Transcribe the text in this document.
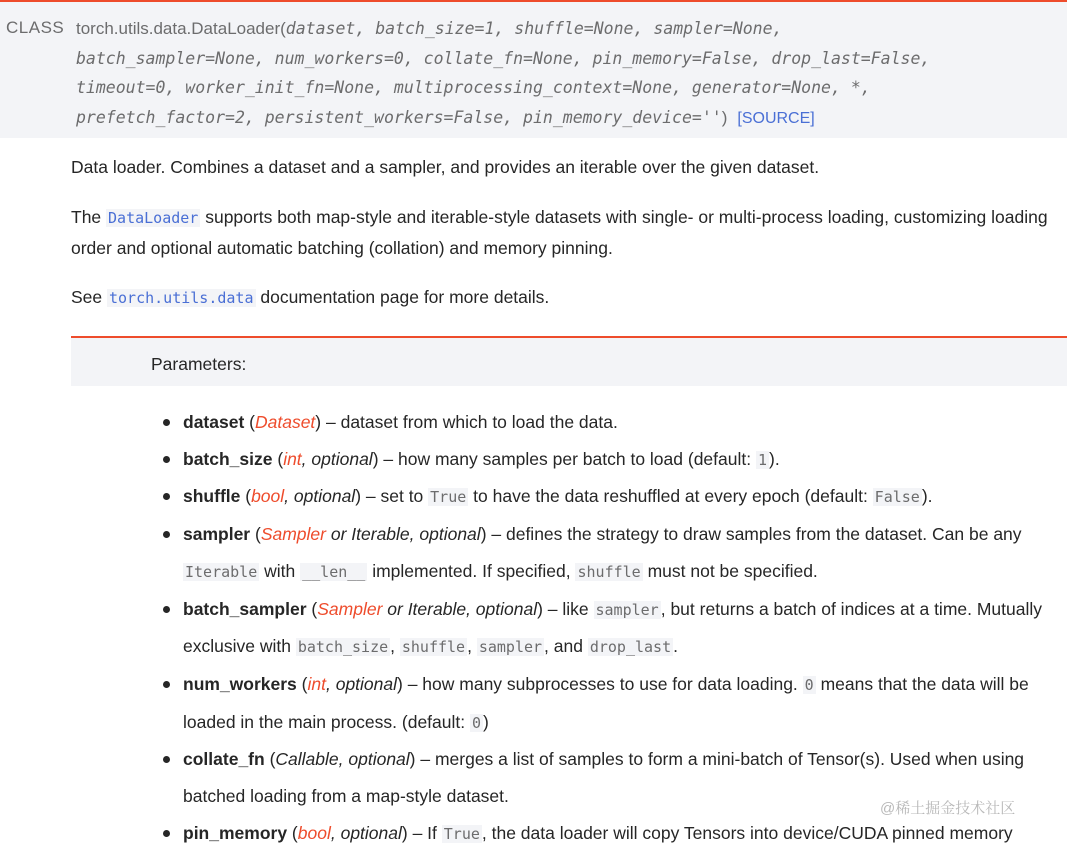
CLASS torch.utils.data.DataLoader(dataset, batch_size=1, shuffle=None, sampler=None,
batch_sampler=None, num_workers=0, collate_fn=None, pin_memory=False, drop_last=False,
timeout=0, worker_init_fn=None, multiprocessing_context=None, generator=None, *,
prefetch_factor=2, persistent_workers=False, pin_memory_device='') [SOURCE]
Data loader. Combines a dataset and a sampler, and provides an iterable over the given dataset.
The DataLoader supports both map-style and iterable-style datasets with single- or multi-process loading, customizing loading order and optional automatic batching (collation) and memory pinning.
See torch.utils.data documentation page for more details.
Parameters:
dataset (Dataset) – dataset from which to load the data.
batch_size (int, optional) – how many samples per batch to load (default: 1 ).
shuffle (bool, optional) – set to True to have the data reshuffled at every epoch (default: False ).
sampler (Sampler or Iterable, optional) – defines the strategy to draw samples from the dataset. Can be any Iterable with __len__ implemented. If specified, shuffle must not be specified.
batch_sampler (Sampler or Iterable, optional) – like sampler , but returns a batch of indices at a time. Mutually exclusive with batch_size , shuffle , sampler , and drop_last .
num_workers (int, optional) – how many subprocesses to use for data loading. 0 means that the data will be loaded in the main process. (default: 0 )
collate_fn (Callable, optional) – merges a list of samples to form a mini-batch of Tensor(s). Used when using batched loading from a map-style dataset.
pin_memory (bool, optional) – If True , the data loader will copy Tensors into device/CUDA pinned memory
@稀土掘金技术社区
